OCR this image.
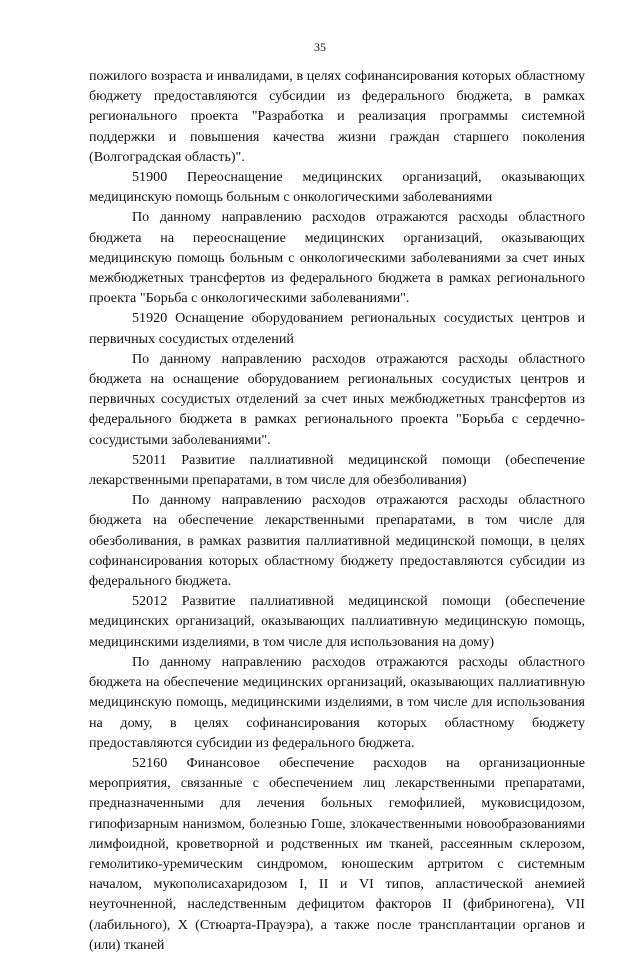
35

пожилого возраста и инвалидами, в целях софинансирования которых областному бюджету предоставляются субсидии из федерального бюджета, в рамках регионального проекта "Разработка и реализация программы системной поддержки и повышения качества жизни граждан старшего поколения (Волгоградская область)".

51900 Переоснащение медицинских организаций, оказывающих медицинскую помощь больным с онкологическими заболеваниями

По данному направлению расходов отражаются расходы областного бюджета на переоснащение медицинских организаций, оказывающих медицинскую помощь больным с онкологическими заболеваниями за счет иных межбюджетных трансфертов из федерального бюджета в рамках регионального проекта "Борьба с онкологическими заболеваниями".

51920 Оснащение оборудованием региональных сосудистых центров и первичных сосудистых отделений

По данному направлению расходов отражаются расходы областного бюджета на оснащение оборудованием региональных сосудистых центров и первичных сосудистых отделений за счет иных межбюджетных трансфертов из федерального бюджета в рамках регионального проекта "Борьба с сердечно-сосудистыми заболеваниями".

52011 Развитие паллиативной медицинской помощи (обеспечение лекарственными препаратами, в том числе для обезболивания)

По данному направлению расходов отражаются расходы областного бюджета на обеспечение лекарственными препаратами, в том числе для обезболивания, в рамках развития паллиативной медицинской помощи, в целях софинансирования которых областному бюджету предоставляются субсидии из федерального бюджета.

52012 Развитие паллиативной медицинской помощи (обеспечение медицинских организаций, оказывающих паллиативную медицинскую помощь, медицинскими изделиями, в том числе для использования на дому)

По данному направлению расходов отражаются расходы областного бюджета на обеспечение медицинских организаций, оказывающих паллиативную медицинскую помощь, медицинскими изделиями, в том числе для использования на дому, в целях софинансирования которых областному бюджету предоставляются субсидии из федерального бюджета.

52160 Финансовое обеспечение расходов на организационные мероприятия, связанные с обеспечением лиц лекарственными препаратами, предназначенными для лечения больных гемофилией, муковисцидозом, гипофизарным нанизмом, болезнью Гоше, злокачественными новообразованиями лимфоидной, кроветворной и родственных им тканей, рассеянным склерозом, гемолитико-уремическим синдромом, юношеским артритом с системным началом, мукополисахаридозом I, II и VI типов, апластической анемией неуточненной, наследственным дефицитом факторов II (фибриногена), VII (лабильного), X (Стюарта-Прауэра), а также после трансплантации органов и (или) тканей
